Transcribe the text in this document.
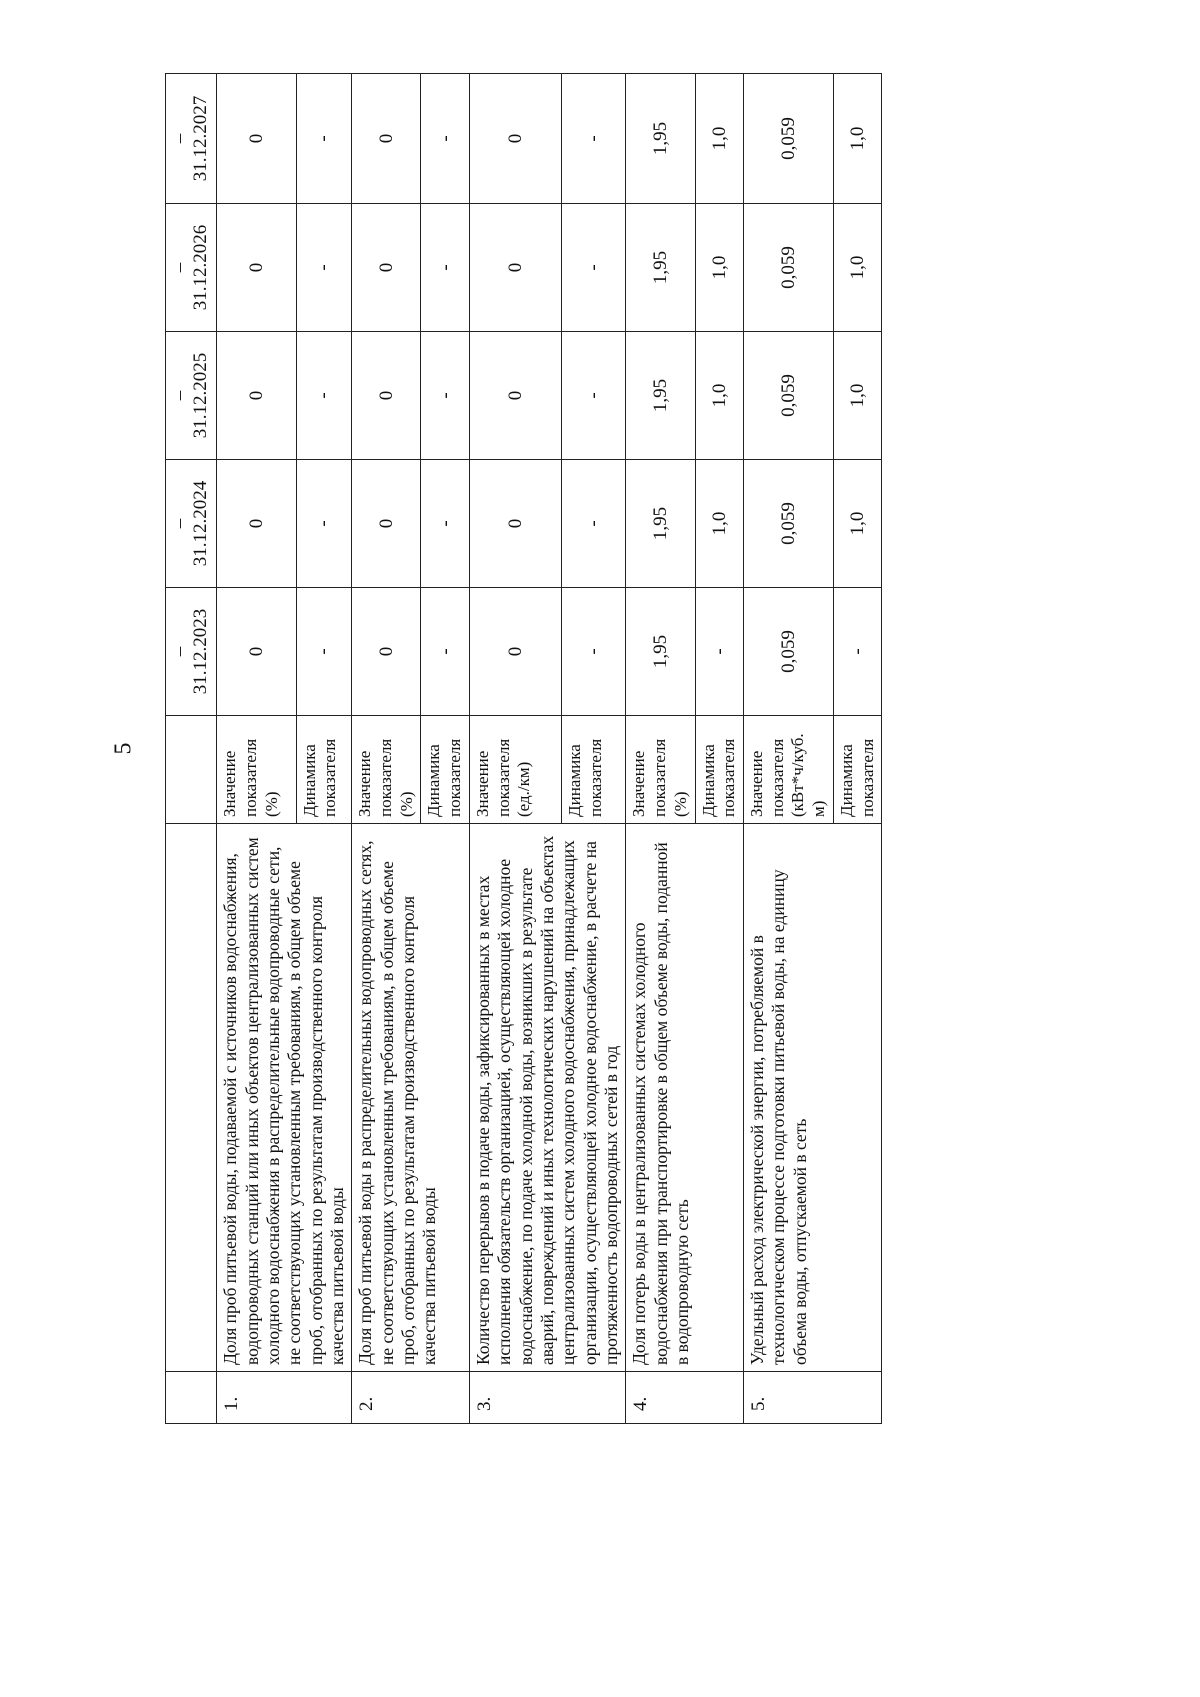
5

			– 31.12.2023	– 31.12.2024	– 31.12.2025	– 31.12.2026	– 31.12.2027
1.	Доля проб питьевой воды, подаваемой с источников водоснабжения, водопроводных станций или иных объектов централизованных систем холодного водоснабжения в распределительные водопроводные сети, не соответствующих установленным требованиям, в общем объеме проб, отобранных по результатам производственного контроля качества питьевой воды	Значение показателя (%)	0	0	0	0	0
		Динамика показателя	-	-	-	-	-
2.	Доля проб питьевой воды в распределительных водопроводных сетях, не соответствующих установленным требованиям, в общем объеме проб, отобранных по результатам производственного контроля качества питьевой воды	Значение показателя (%)	0	0	0	0	0
		Динамика показателя	-	-	-	-	-
3.	Количество перерывов в подаче воды, зафиксированных в местах исполнения обязательств организацией, осуществляющей холодное водоснабжение, по подаче холодной воды, возникших в результате аварий, повреждений и иных технологических нарушений на объектах централизованных систем холодного водоснабжения, принадлежащих организации, осуществляющей холодное водоснабжение, в расчете на протяженность водопроводных сетей в год	Значение показателя (ед./км)	0	0	0	0	0
		Динамика показателя	-	-	-	-	-
4.	Доля потерь воды в централизованных системах холодного водоснабжения при транспортировке в общем объеме воды, поданной в водопроводную сеть	Значение показателя (%)	1,95	1,95	1,95	1,95	1,95
		Динамика показателя	-	1,0	1,0	1,0	1,0
5.	Удельный расход электрической энергии, потребляемой в технологическом процессе подготовки питьевой воды, на единицу объема воды, отпускаемой в сеть	Значение показателя (кВт*ч/куб. м)	0,059	0,059	0,059	0,059	0,059
		Динамика показателя	-	1,0	1,0	1,0	1,0
